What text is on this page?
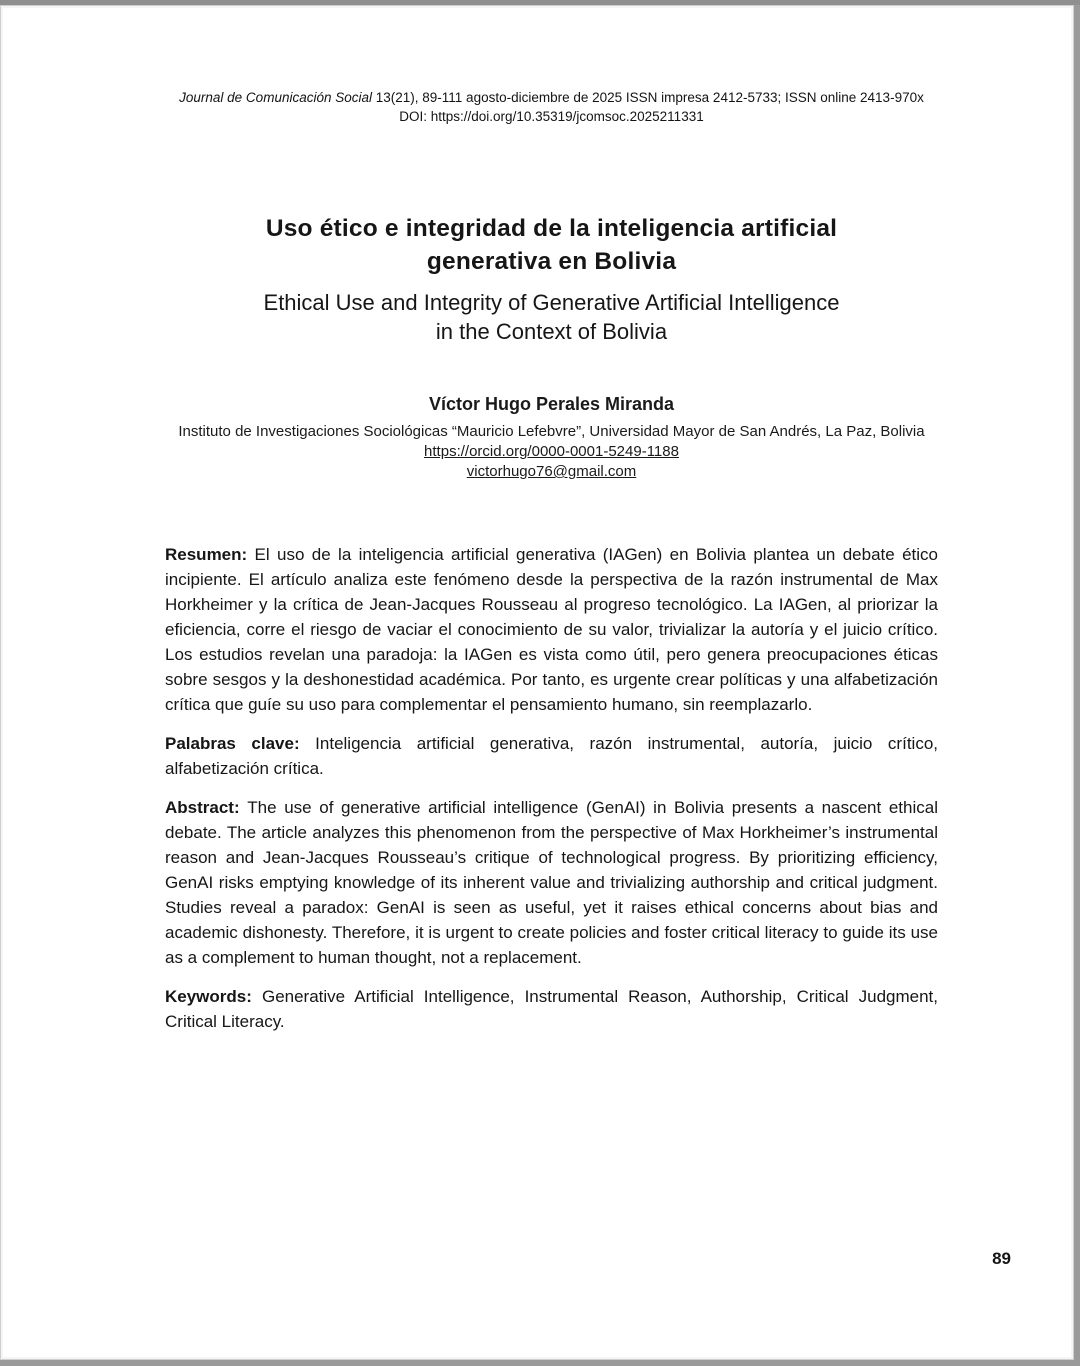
Journal de Comunicación Social 13(21), 89-111 agosto-diciembre de 2025 ISSN impresa 2412-5733; ISSN online 2413-970x

DOI: https://doi.org/10.35319/jcomsoc.2025211331

Uso ético e integridad de la inteligencia artificial
generativa en Bolivia
Ethical Use and Integrity of Generative Artificial Intelligence
in the Context of Bolivia

Víctor Hugo Perales Miranda

Instituto de Investigaciones Sociológicas “Mauricio Lefebvre”, Universidad Mayor de San Andrés, La Paz, Bolivia

https://orcid.org/0000-0001-5249-1188

victorhugo76@gmail.com

Resumen: El uso de la inteligencia artificial generativa (IAGen) en Bolivia plantea un debate ético incipiente. El artículo analiza este fenómeno desde la perspectiva de la razón instrumental de Max Horkheimer y la crítica de Jean-Jacques Rousseau al progreso tecnológico. La IAGen, al priorizar la eficiencia, corre el riesgo de vaciar el conocimiento de su valor, trivializar la autoría y el juicio crítico. Los estudios revelan una paradoja: la IAGen es vista como útil, pero genera preocupaciones éticas sobre sesgos y la deshonestidad académica. Por tanto, es urgente crear políticas y una alfabetización crítica que guíe su uso para complementar el pensamiento humano, sin reemplazarlo.

Palabras clave: Inteligencia artificial generativa, razón instrumental, autoría, juicio crítico, alfabetización crítica.

Abstract: The use of generative artificial intelligence (GenAI) in Bolivia presents a nascent ethical debate. The article analyzes this phenomenon from the perspective of Max Horkheimer’s instrumental reason and Jean-Jacques Rousseau’s critique of technological progress. By prioritizing efficiency, GenAI risks emptying knowledge of its inherent value and trivializing authorship and critical judgment. Studies reveal a paradox: GenAI is seen as useful, yet it raises ethical concerns about bias and academic dishonesty. Therefore, it is urgent to create policies and foster critical literacy to guide its use as a complement to human thought, not a replacement.

Keywords: Generative Artificial Intelligence, Instrumental Reason, Authorship, Critical Judgment, Critical Literacy.

89
